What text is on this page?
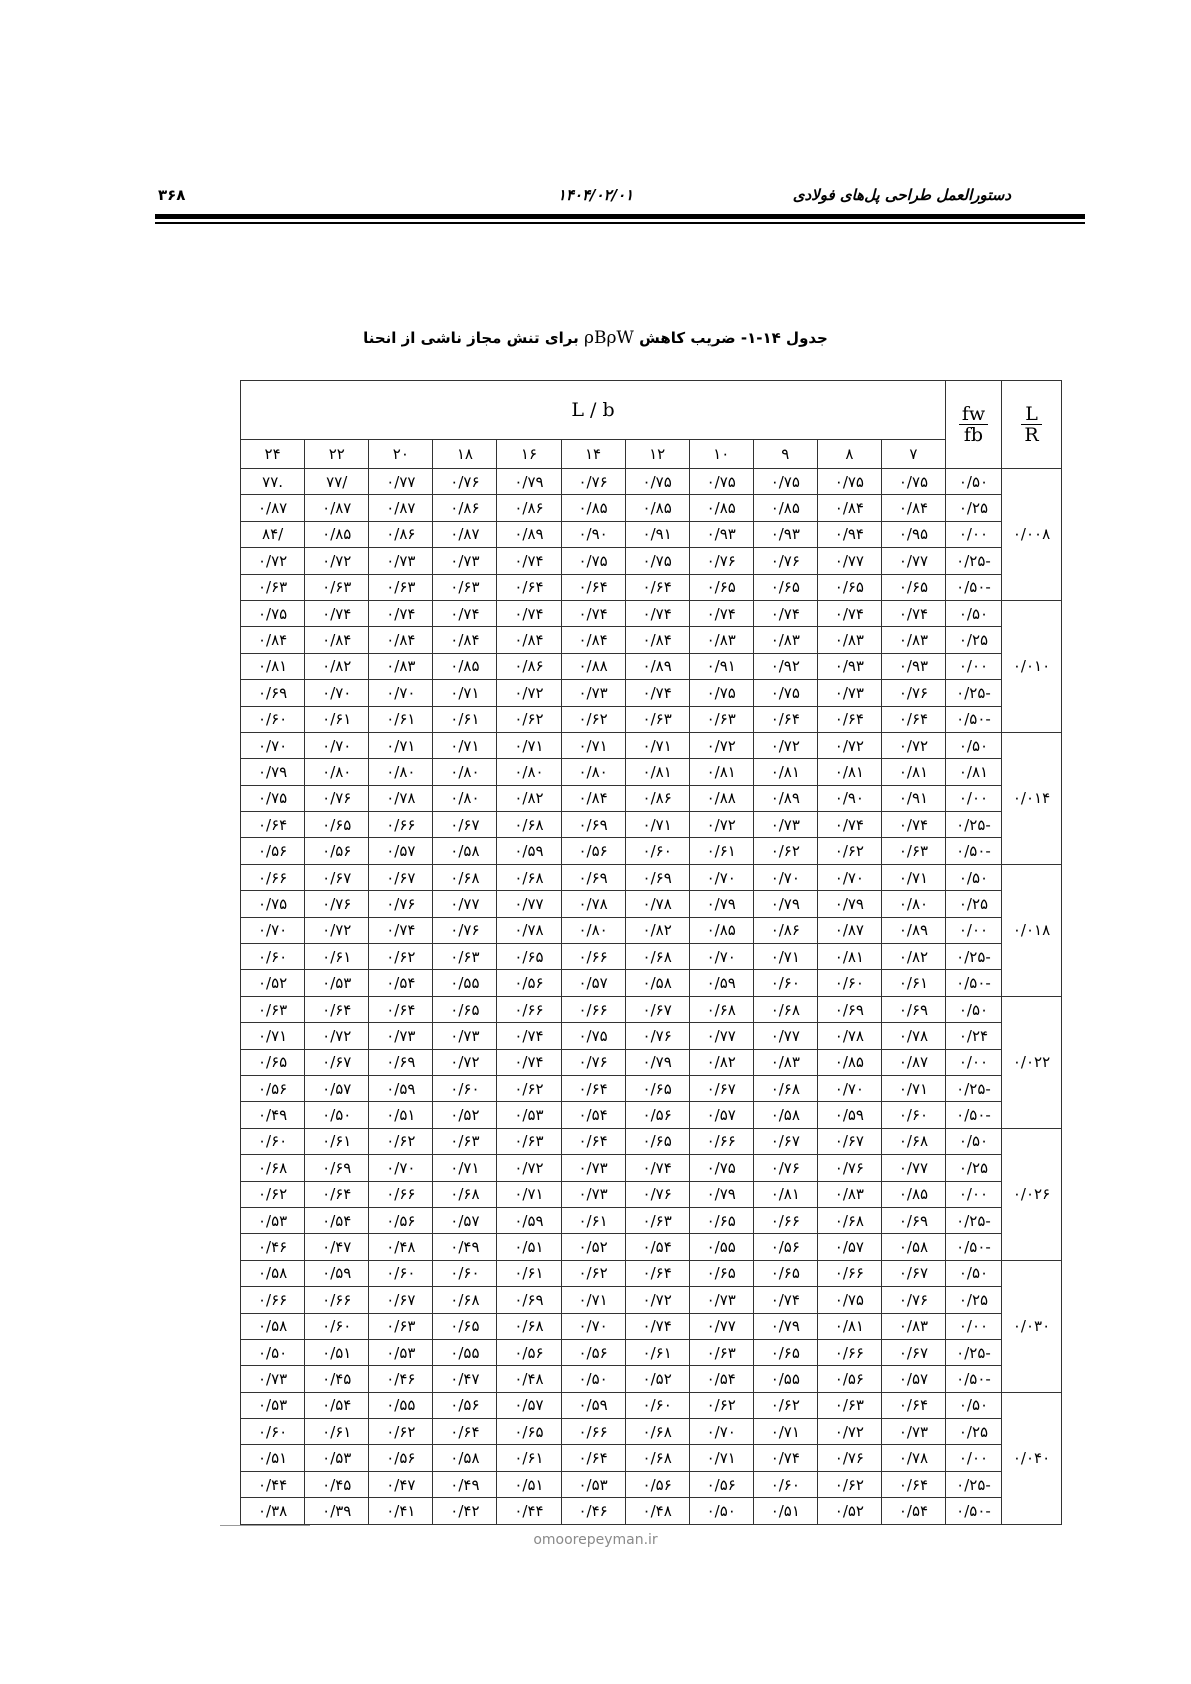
۳۶۸	۱۴۰۴/۰۲/۰۱	دستورالعمل طراحی پل‌های فولادی
جدول ۱۴-۱- ضریب کاهش ρBρW برای تنش مجاز ناشی از انحنا
$\frac{L}{R}$	$\frac{fw}{fb}$	L / b										
		۷	۸	۹	۱۰	۱۲	۱۴	۱۶	۱۸	۲۰	۲۲	۲۴
۰/۰۰۸	۰/۵۰	۰/۷۵	۰/۷۵	۰/۷۵	۰/۷۵	۰/۷۵	۰/۷۶	۰/۷۹	۰/۷۶	۰/۷۷	/۷۷	.۷۷
	۰/۲۵	۰/۸۴	۰/۸۴	۰/۸۵	۰/۸۵	۰/۸۵	۰/۸۵	۰/۸۶	۰/۸۶	۰/۸۷	۰/۸۷	۰/۸۷
	۰/۰۰	۰/۹۵	۰/۹۴	۰/۹۳	۰/۹۳	۰/۹۱	۰/۹۰	۰/۸۹	۰/۸۷	۰/۸۶	۰/۸۵	/۸۴
	-۰/۲۵	۰/۷۷	۰/۷۷	۰/۷۶	۰/۷۶	۰/۷۵	۰/۷۵	۰/۷۴	۰/۷۳	۰/۷۳	۰/۷۲	۰/۷۲
	-۰/۵۰	۰/۶۵	۰/۶۵	۰/۶۵	۰/۶۵	۰/۶۴	۰/۶۴	۰/۶۴	۰/۶۳	۰/۶۳	۰/۶۳	۰/۶۳
۰/۰۱۰	۰/۵۰	۰/۷۴	۰/۷۴	۰/۷۴	۰/۷۴	۰/۷۴	۰/۷۴	۰/۷۴	۰/۷۴	۰/۷۴	۰/۷۴	۰/۷۵
	۰/۲۵	۰/۸۳	۰/۸۳	۰/۸۳	۰/۸۳	۰/۸۴	۰/۸۴	۰/۸۴	۰/۸۴	۰/۸۴	۰/۸۴	۰/۸۴
	۰/۰۰	۰/۹۳	۰/۹۳	۰/۹۲	۰/۹۱	۰/۸۹	۰/۸۸	۰/۸۶	۰/۸۵	۰/۸۳	۰/۸۲	۰/۸۱
	-۰/۲۵	۰/۷۶	۰/۷۳	۰/۷۵	۰/۷۵	۰/۷۴	۰/۷۳	۰/۷۲	۰/۷۱	۰/۷۰	۰/۷۰	۰/۶۹
	-۰/۵۰	۰/۶۴	۰/۶۴	۰/۶۴	۰/۶۳	۰/۶۳	۰/۶۲	۰/۶۲	۰/۶۱	۰/۶۱	۰/۶۱	۰/۶۰
۰/۰۱۴	۰/۵۰	۰/۷۲	۰/۷۲	۰/۷۲	۰/۷۲	۰/۷۱	۰/۷۱	۰/۷۱	۰/۷۱	۰/۷۱	۰/۷۰	۰/۷۰
	۰/۸۱	۰/۸۱	۰/۸۱	۰/۸۱	۰/۸۱	۰/۸۱	۰/۸۰	۰/۸۰	۰/۸۰	۰/۸۰	۰/۸۰	۰/۷۹
	۰/۰۰	۰/۹۱	۰/۹۰	۰/۸۹	۰/۸۸	۰/۸۶	۰/۸۴	۰/۸۲	۰/۸۰	۰/۷۸	۰/۷۶	۰/۷۵
	-۰/۲۵	۰/۷۴	۰/۷۴	۰/۷۳	۰/۷۲	۰/۷۱	۰/۶۹	۰/۶۸	۰/۶۷	۰/۶۶	۰/۶۵	۰/۶۴
	-۰/۵۰	۰/۶۳	۰/۶۲	۰/۶۲	۰/۶۱	۰/۶۰	۰/۵۶	۰/۵۹	۰/۵۸	۰/۵۷	۰/۵۶	۰/۵۶
۰/۰۱۸	۰/۵۰	۰/۷۱	۰/۷۰	۰/۷۰	۰/۷۰	۰/۶۹	۰/۶۹	۰/۶۸	۰/۶۸	۰/۶۷	۰/۶۷	۰/۶۶
	۰/۲۵	۰/۸۰	۰/۷۹	۰/۷۹	۰/۷۹	۰/۷۸	۰/۷۸	۰/۷۷	۰/۷۷	۰/۷۶	۰/۷۶	۰/۷۵
	۰/۰۰	۰/۸۹	۰/۸۷	۰/۸۶	۰/۸۵	۰/۸۲	۰/۸۰	۰/۷۸	۰/۷۶	۰/۷۴	۰/۷۲	۰/۷۰
	-۰/۲۵	۰/۸۲	۰/۸۱	۰/۷۱	۰/۷۰	۰/۶۸	۰/۶۶	۰/۶۵	۰/۶۳	۰/۶۲	۰/۶۱	۰/۶۰
	-۰/۵۰	۰/۶۱	۰/۶۰	۰/۶۰	۰/۵۹	۰/۵۸	۰/۵۷	۰/۵۶	۰/۵۵	۰/۵۴	۰/۵۳	۰/۵۲
۰/۰۲۲	۰/۵۰	۰/۶۹	۰/۶۹	۰/۶۸	۰/۶۸	۰/۶۷	۰/۶۶	۰/۶۶	۰/۶۵	۰/۶۴	۰/۶۴	۰/۶۳
	۰/۲۴	۰/۷۸	۰/۷۸	۰/۷۷	۰/۷۷	۰/۷۶	۰/۷۵	۰/۷۴	۰/۷۳	۰/۷۳	۰/۷۲	۰/۷۱
	۰/۰۰	۰/۸۷	۰/۸۵	۰/۸۳	۰/۸۲	۰/۷۹	۰/۷۶	۰/۷۴	۰/۷۲	۰/۶۹	۰/۶۷	۰/۶۵
	-۰/۲۵	۰/۷۱	۰/۷۰	۰/۶۸	۰/۶۷	۰/۶۵	۰/۶۴	۰/۶۲	۰/۶۰	۰/۵۹	۰/۵۷	۰/۵۶
	-۰/۵۰	۰/۶۰	۰/۵۹	۰/۵۸	۰/۵۷	۰/۵۶	۰/۵۴	۰/۵۳	۰/۵۲	۰/۵۱	۰/۵۰	۰/۴۹
۰/۰۲۶	۰/۵۰	۰/۶۸	۰/۶۷	۰/۶۷	۰/۶۶	۰/۶۵	۰/۶۴	۰/۶۳	۰/۶۳	۰/۶۲	۰/۶۱	۰/۶۰
	۰/۲۵	۰/۷۷	۰/۷۶	۰/۷۶	۰/۷۵	۰/۷۴	۰/۷۳	۰/۷۲	۰/۷۱	۰/۷۰	۰/۶۹	۰/۶۸
	۰/۰۰	۰/۸۵	۰/۸۳	۰/۸۱	۰/۷۹	۰/۷۶	۰/۷۳	۰/۷۱	۰/۶۸	۰/۶۶	۰/۶۴	۰/۶۲
	-۰/۲۵	۰/۶۹	۰/۶۸	۰/۶۶	۰/۶۵	۰/۶۳	۰/۶۱	۰/۵۹	۰/۵۷	۰/۵۶	۰/۵۴	۰/۵۳
	-۰/۵۰	۰/۵۸	۰/۵۷	۰/۵۶	۰/۵۵	۰/۵۴	۰/۵۲	۰/۵۱	۰/۴۹	۰/۴۸	۰/۴۷	۰/۴۶
۰/۰۳۰	۰/۵۰	۰/۶۷	۰/۶۶	۰/۶۵	۰/۶۵	۰/۶۴	۰/۶۲	۰/۶۱	۰/۶۰	۰/۶۰	۰/۵۹	۰/۵۸
	۰/۲۵	۰/۷۶	۰/۷۵	۰/۷۴	۰/۷۳	۰/۷۲	۰/۷۱	۰/۶۹	۰/۶۸	۰/۶۷	۰/۶۶	۰/۶۶
	۰/۰۰	۰/۸۳	۰/۸۱	۰/۷۹	۰/۷۷	۰/۷۴	۰/۷۰	۰/۶۸	۰/۶۵	۰/۶۳	۰/۶۰	۰/۵۸
	-۰/۲۵	۰/۶۷	۰/۶۶	۰/۶۵	۰/۶۳	۰/۶۱	۰/۵۶	۰/۵۶	۰/۵۵	۰/۵۳	۰/۵۱	۰/۵۰
	-۰/۵۰	۰/۵۷	۰/۵۶	۰/۵۵	۰/۵۴	۰/۵۲	۰/۵۰	۰/۴۸	۰/۴۷	۰/۴۶	۰/۴۵	۰/۷۳
۰/۰۴۰	۰/۵۰	۰/۶۴	۰/۶۳	۰/۶۲	۰/۶۲	۰/۶۰	۰/۵۹	۰/۵۷	۰/۵۶	۰/۵۵	۰/۵۴	۰/۵۳
	۰/۲۵	۰/۷۳	۰/۷۲	۰/۷۱	۰/۷۰	۰/۶۸	۰/۶۶	۰/۶۵	۰/۶۴	۰/۶۲	۰/۶۱	۰/۶۰
	۰/۰۰	۰/۷۸	۰/۷۶	۰/۷۴	۰/۷۱	۰/۶۸	۰/۶۴	۰/۶۱	۰/۵۸	۰/۵۶	۰/۵۳	۰/۵۱
	-۰/۲۵	۰/۶۴	۰/۶۲	۰/۶۰	۰/۵۶	۰/۵۶	۰/۵۳	۰/۵۱	۰/۴۹	۰/۴۷	۰/۴۵	۰/۴۴
	-۰/۵۰	۰/۵۴	۰/۵۲	۰/۵۱	۰/۵۰	۰/۴۸	۰/۴۶	۰/۴۴	۰/۴۲	۰/۴۱	۰/۳۹	۰/۳۸
omoorepeyman.ir
